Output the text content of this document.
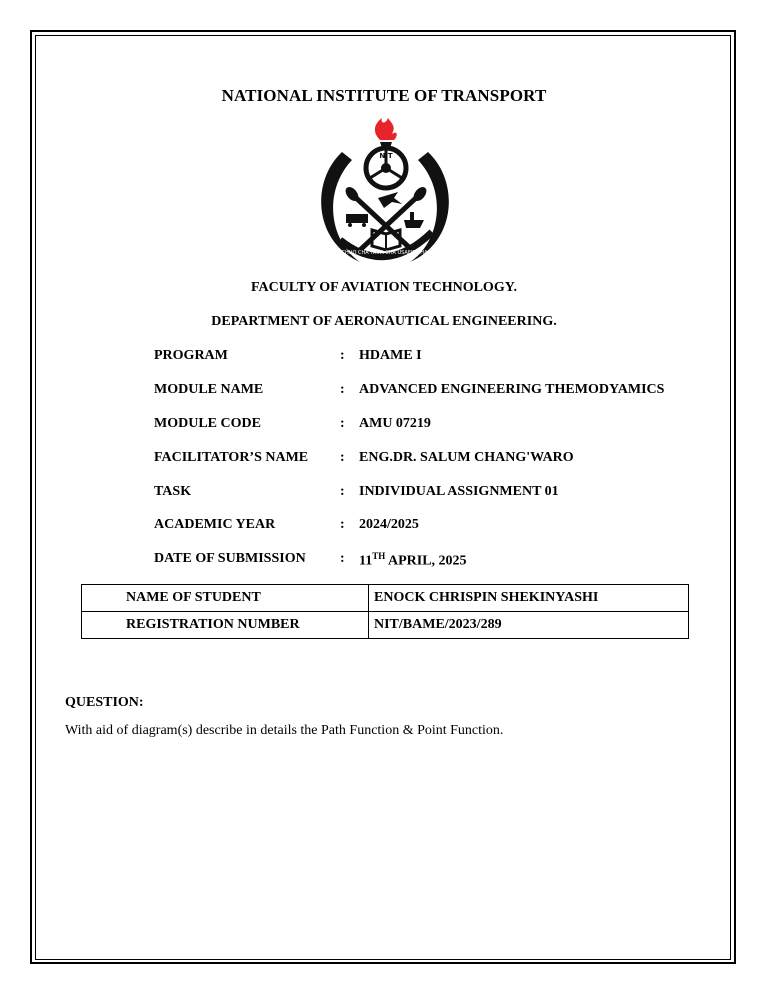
NATIONAL INSTITUTE OF TRANSPORT
CHUO CHA TAIFA CHA USAFIRISHAJI
NIT
FACULTY OF AVIATION TECHNOLOGY.
DEPARTMENT OF AERONAUTICAL ENGINEERING.
PROGRAM	: HDAME I
MODULE NAME	: ADVANCED ENGINEERING THEMODYAMICS
MODULE CODE	: AMU 07219
FACILITATOR’S NAME : ENG.DR. SALUM CHANG'WARO
TASK	: INDIVIDUAL ASSIGNMENT 01
ACADEMIC YEAR	: 2024/2025
DATE OF SUBMISSION : 11TH APRIL, 2025
NAME OF STUDENT	ENOCK CHRISPIN SHEKINYASHI
REGISTRATION NUMBER	NIT/BAME/2023/289
QUESTION:
With aid of diagram(s) describe in details the Path Function & Point Function.
